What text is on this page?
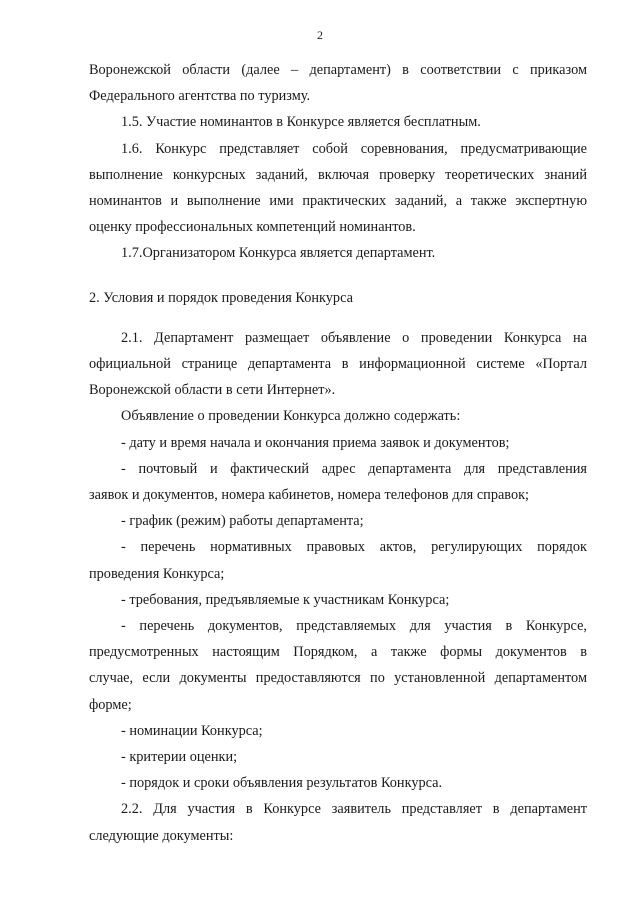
2
Воронежской области (далее – департамент) в соответствии с приказом
Федерального агентства по туризму.
1.5. Участие номинантов в Конкурсе является бесплатным.
1.6. Конкурс представляет собой соревнования, предусматривающие
выполнение конкурсных заданий, включая проверку теоретических знаний
номинантов и выполнение ими практических заданий, а также экспертную
оценку профессиональных компетенций номинантов.
1.7.Организатором Конкурса является департамент.
2. Условия и порядок проведения Конкурса
2.1. Департамент размещает объявление о проведении Конкурса на
официальной странице департамента в информационной системе «Портал
Воронежской области в сети Интернет».
Объявление о проведении Конкурса должно содержать:
- дату и время начала и окончания приема заявок и документов;
- почтовый и фактический адрес департамента для представления
заявок и документов, номера кабинетов, номера телефонов для справок;
- график (режим) работы департамента;
- перечень нормативных правовых актов, регулирующих порядок
проведения Конкурса;
- требования, предъявляемые к участникам Конкурса;
- перечень документов, представляемых для участия в Конкурсе,
предусмотренных настоящим Порядком, а также формы документов в
случае, если документы предоставляются по установленной департаментом
форме;
- номинации Конкурса;
- критерии оценки;
- порядок и сроки объявления результатов Конкурса.
2.2. Для участия в Конкурсе заявитель представляет в департамент
следующие документы:
